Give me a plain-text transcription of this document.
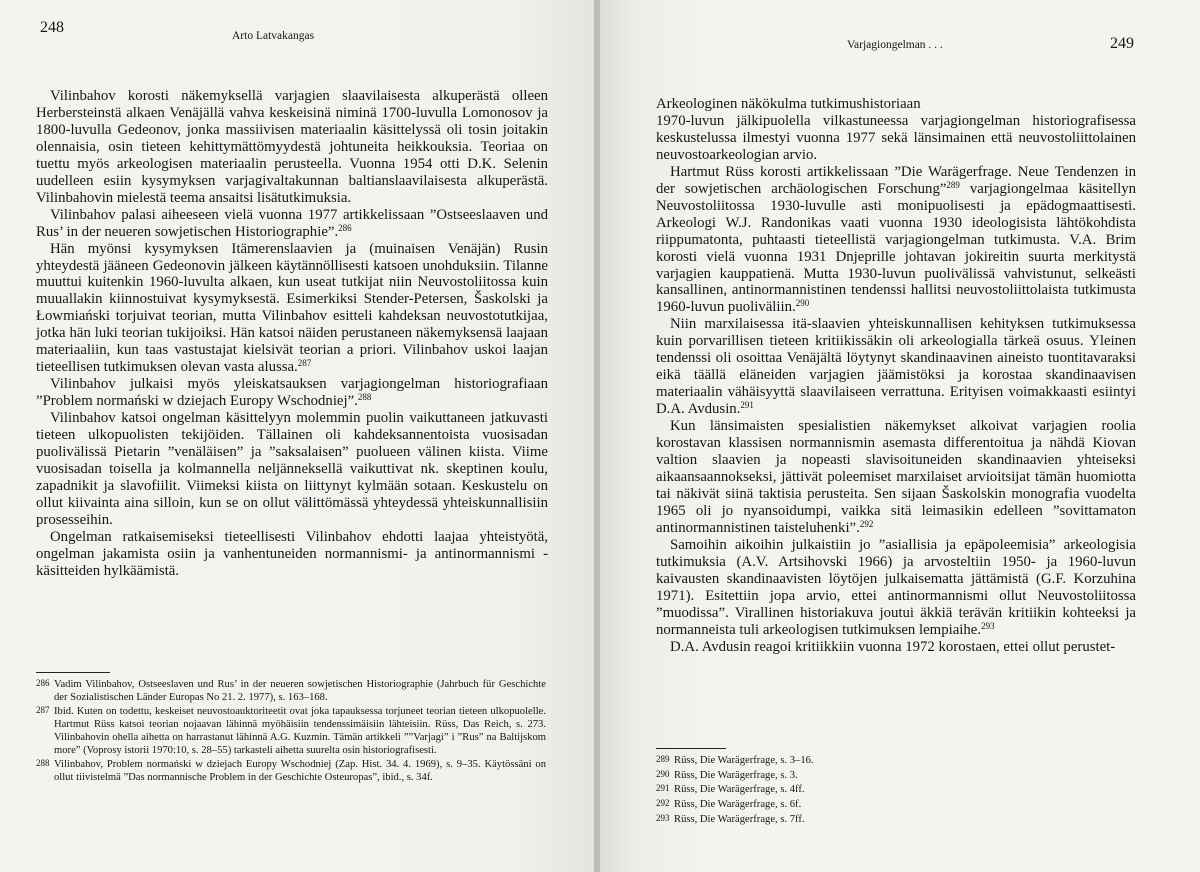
248	Arto Latvakangas

Vilinbahov korosti näkemyksellä varjagien slaavilaisesta alkuperästä olleen Herbersteinstä alkaen Venäjällä vahva keskeisinä niminä 1700-luvulla Lomonosov ja 1800-luvulla Gedeonov, jonka massiivisen materiaalin käsittelyssä oli tosin joitakin olennaisia, osin tieteen kehittymättömyydestä johtuneita heikkouksia. Teoriaa on tuettu myös arkeologisen materiaalin perusteella. Vuonna 1954 otti D.K. Selenin uudelleen esiin kysymyksen varjagivaltakunnan baltianslaavilaisesta alkuperästä. Vilinbahovin mielestä teema ansaitsi lisätutkimuksia.

Vilinbahov palasi aiheeseen vielä vuonna 1977 artikkelissaan ”Ostseeslaaven und Rus’ in der neueren sowjetischen Historiographie”.$^{286}$

Hän myönsi kysymyksen Itämerenslaavien ja (muinaisen Venäjän) Rusin yhteydestä jääneen Gedeonovin jälkeen käytännöllisesti katsoen unohduksiin. Tilanne muuttui kuitenkin 1960-luvulta alkaen, kun useat tutkijat niin Neuvostoliitossa kuin muuallakin kiinnostuivat kysymyksestä. Esimerkiksi Stender-Petersen, Šaskolski ja Łowmiański torjuivat teorian, mutta Vilinbahov esitteli kahdeksan neuvostotutkijaa, jotka hän luki teorian tukijoiksi. Hän katsoi näiden perustaneen näkemyksensä laajaan materiaaliin, kun taas vastustajat kielsivät teorian a priori. Vilinbahov uskoi laajan tieteellisen tutkimuksen olevan vasta alussa.$^{287}$

Vilinbahov julkaisi myös yleiskatsauksen varjagiongelman historiografiaan ”Problem normański w dziejach Europy Wschodniej”.$^{288}$

Vilinbahov katsoi ongelman käsittelyyn molemmin puolin vaikuttaneen jatkuvasti tieteen ulkopuolisten tekijöiden. Tällainen oli kahdeksannentoista vuosisadan puolivälissä Pietarin ”venäläisen” ja ”saksalaisen” puolueen välinen kiista. Viime vuosisadan toisella ja kolmannella neljänneksellä vaikuttivat nk. skeptinen koulu, zapadnikit ja slavofiilit. Viimeksi kiista on liittynyt kylmään sotaan. Keskustelu on ollut kiivainta aina silloin, kun se on ollut välittömässä yhteydessä yhteiskunnallisiin prosesseihin.

Ongelman ratkaisemiseksi tieteellisesti Vilinbahov ehdotti laajaa yhteistyötä, ongelman jakamista osiin ja vanhentuneiden normannismi- ja antinormannismi -käsitteiden hylkäämistä.

286 Vadim Vilinbahov, Ostseeslaven und Rus’ in der neueren sowjetischen Historiographie (Jahrbuch für Geschichte der Sozialistischen Länder Europas No 21. 2. 1977), s. 163–168.

287 Ibid. Kuten on todettu, keskeiset neuvostoauktoriteetit ovat joka tapauksessa torjuneet teorian tieteen ulkopuolelle. Hartmut Rüss katsoi teorian nojaavan lähinnä myöhäisiin tendenssimäisiin lähteisiin. Rüss, Das Reich, s. 273. Vilinbahovin ohella aihetta on harrastanut lähinnä A.G. Kuzmin. Tämän artikkeli ””Varjagi” i ”Rus” na Baltijskom more” (Voprosy istorii 1970:10, s. 28–55) tarkasteli aihetta suurelta osin historiografisesti.

288 Vilinbahov, Problem normański w dziejach Europy Wschodniej (Zap. Hist. 34. 4. 1969), s. 9–35. Käytössäni on ollut tiivistelmä ”Das normannische Problem in der Geschichte Osteuropas”, ibid., s. 34f.

Varjagiongelman . . .	249

Arkeologinen näkökulma tutkimushistoriaan

1970-luvun jälkipuolella vilkastuneessa varjagiongelman historiografisessa keskustelussa ilmestyi vuonna 1977 sekä länsimainen että neuvostoliittolainen neuvostoarkeologian arvio.

Hartmut Rüss korosti artikkelissaan ”Die Warägerfrage. Neue Tendenzen in der sowjetischen archäologischen Forschung”$^{289}$ varjagiongelmaa käsitellyn Neuvostoliitossa 1930-luvulle asti monipuolisesti ja epädogmaattisesti. Arkeologi W.J. Randonikas vaati vuonna 1930 ideologisista lähtökohdista riippumatonta, puhtaasti tieteellistä varjagiongelman tutkimusta. V.A. Brim korosti vielä vuonna 1931 Dnjeprille johtavan jokireitin suurta merkitystä varjagien kauppatienä. Mutta 1930-luvun puolivälissä vahvistunut, selkeästi kansallinen, antinormannistinen tendenssi hallitsi neuvostoliittolaista tutkimusta 1960-luvun puoliväliin.$^{290}$

Niin marxilaisessa itä-slaavien yhteiskunnallisen kehityksen tutkimuksessa kuin porvarillisen tieteen kritiikissäkin oli arkeologialla tärkeä osuus. Yleinen tendenssi oli osoittaa Venäjältä löytynyt skandinaavinen aineisto tuontitavaraksi eikä täällä eläneiden varjagien jäämistöksi ja korostaa skandinaavisen materiaalin vähäisyyttä slaavilaiseen verrattuna. Erityisen voimakkaasti esiintyi D.A. Avdusin.$^{291}$

Kun länsimaisten spesialistien näkemykset alkoivat varjagien roolia korostavan klassisen normannismin asemasta differentoitua ja nähdä Kiovan valtion slaavien ja nopeasti slavisoituneiden skandinaavien yhteiseksi aikaansaannokseksi, jättivät poleemiset marxilaiset arvioitsijat tämän huomiotta tai näkivät siinä taktisia perusteita. Sen sijaan Šaskolskin monografia vuodelta 1965 oli jo nyansoidumpi, vaikka sitä leimasikin edelleen ”sovittamaton antinormannistinen taisteluhenki”.$^{292}$

Samoihin aikoihin julkaistiin jo ”asiallisia ja epäpoleemisia” arkeologisia tutkimuksia (A.V. Artsihovski 1966) ja arvosteltiin 1950- ja 1960-luvun kaivausten skandinaavisten löytöjen julkaisematta jättämistä (G.F. Korzuhina 1971). Esitettiin jopa arvio, ettei antinormannismi ollut Neuvostoliitossa ”muodissa”. Virallinen historiakuva joutui äkkiä terävän kritiikin kohteeksi ja normanneista tuli arkeologisen tutkimuksen lempiaihe.$^{293}$

D.A. Avdusin reagoi kritiikkiin vuonna 1972 korostaen, ettei ollut perustet-

289 Rüss, Die Warägerfrage, s. 3–16.

290 Rüss, Die Warägerfrage, s. 3.

291 Rüss, Die Warägerfrage, s. 4ff.

292 Rüss, Die Warägerfrage, s. 6f.

293 Rüss, Die Warägerfrage, s. 7ff.
